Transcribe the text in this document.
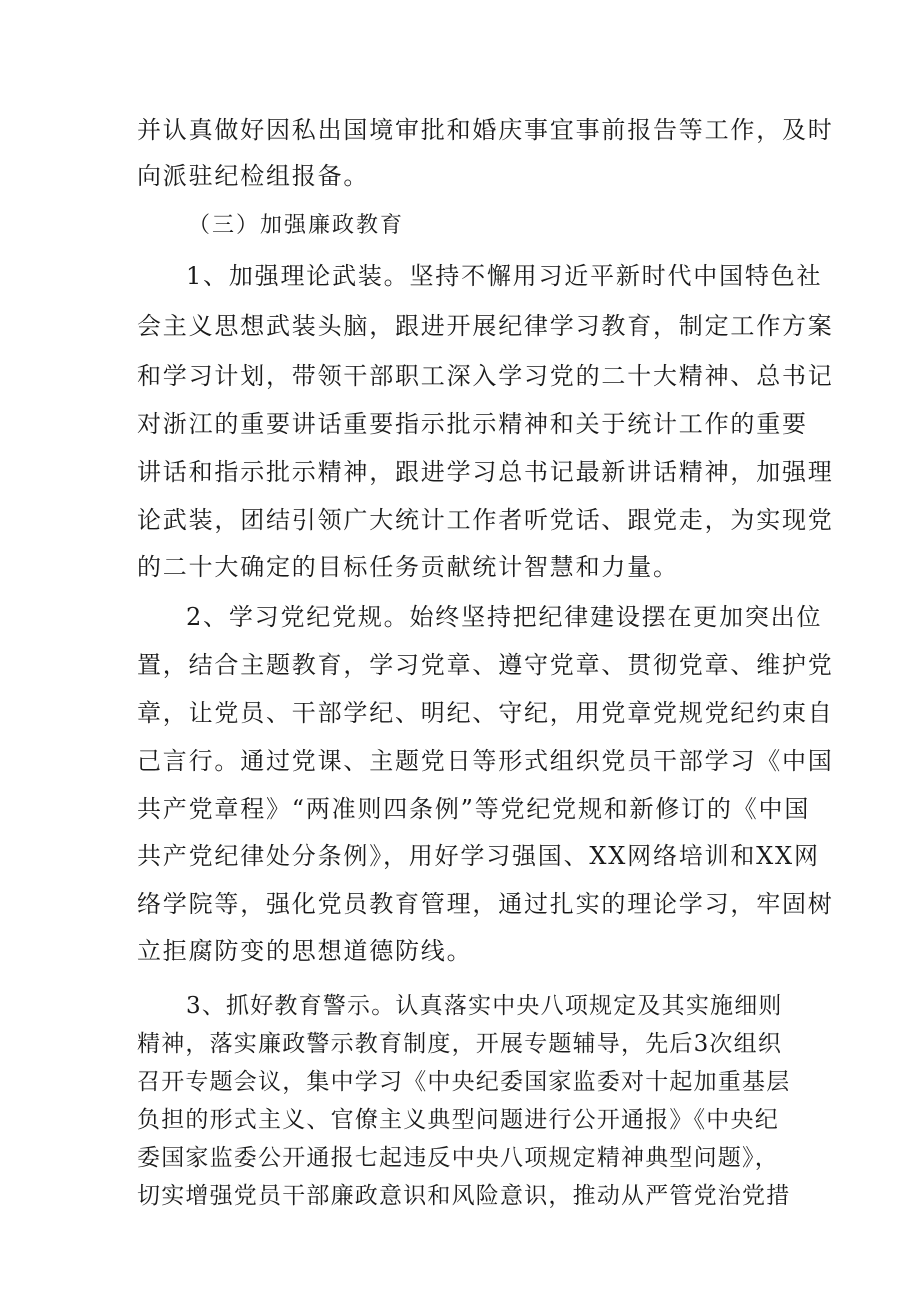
并认真做好因私出国境审批和婚庆事宜事前报告等工作，及时
向派驻纪检组报备。
（三）加强廉政教育
1、加强理论武装。坚持不懈用习近平新时代中国特色社
会主义思想武装头脑，跟进开展纪律学习教育，制定工作方案
和学习计划，带领干部职工深入学习党的二十大精神、总书记
对浙江的重要讲话重要指示批示精神和关于统计工作的重要
讲话和指示批示精神，跟进学习总书记最新讲话精神，加强理
论武装，团结引领广大统计工作者听党话、跟党走，为实现党
的二十大确定的目标任务贡献统计智慧和力量。
2、学习党纪党规。始终坚持把纪律建设摆在更加突出位
置，结合主题教育，学习党章、遵守党章、贯彻党章、维护党
章，让党员、干部学纪、明纪、守纪，用党章党规党纪约束自
己言行。通过党课、主题党日等形式组织党员干部学习《中国
共产党章程》“两准则四条例”等党纪党规和新修订的《中国
共产党纪律处分条例》，用好学习强国、XX网络培训和XX网
络学院等，强化党员教育管理，通过扎实的理论学习，牢固树
立拒腐防变的思想道德防线。
3、抓好教育警示。认真落实中央八项规定及其实施细则
精神，落实廉政警示教育制度，开展专题辅导，先后3次组织
召开专题会议，集中学习《中央纪委国家监委对十起加重基层
负担的形式主义、官僚主义典型问题进行公开通报》《中央纪
委国家监委公开通报七起违反中央八项规定精神典型问题》，
切实增强党员干部廉政意识和风险意识，推动从严管党治党措
